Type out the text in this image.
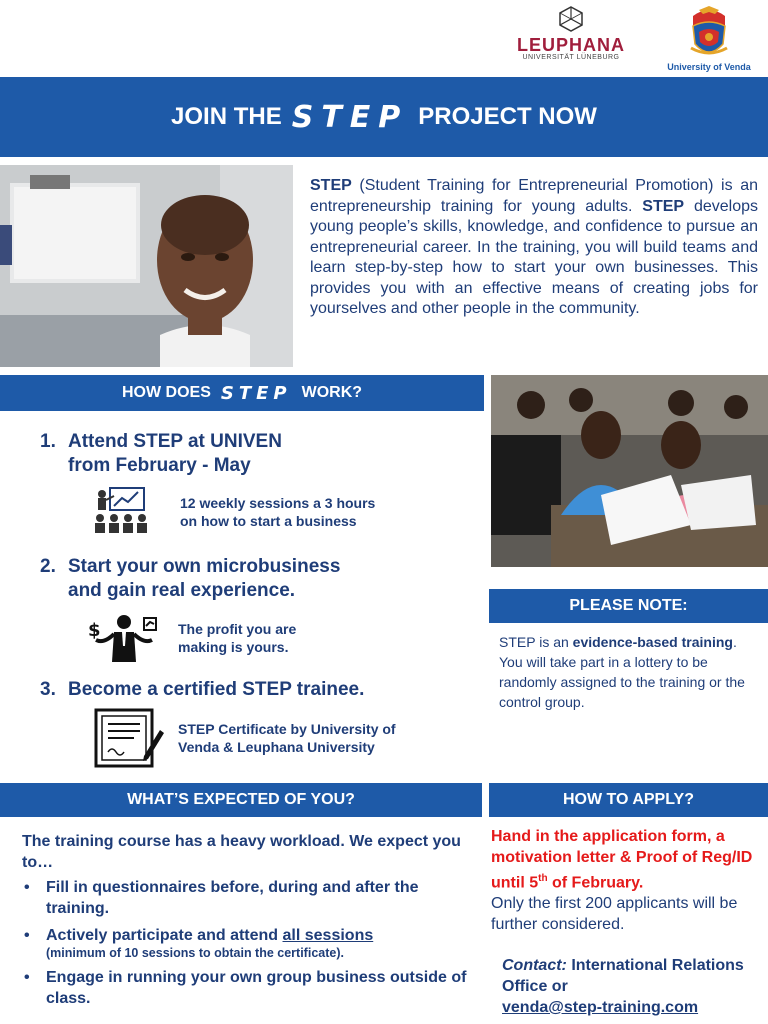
LEUPHANA
UNIVERSITÄT LÜNEBURG
University of Venda
JOIN THE STEP PROJECT NOW
STEP (Student Training for Entrepreneurial Promotion) is an entrepreneurship training for young adults. STEP develops young people’s skills, knowledge, and confidence to pursue an entrepreneurial career. In the training, you will build teams and learn step-by-step how to start your own businesses. This provides you with an effective means of creating jobs for yourselves and other people in the community.
HOW DOES STEP WORK?
1. Attend STEP at UNIVEN
from February - May
12 weekly sessions a 3 hours
on how to start a business
2. Start your own microbusiness
and gain real experience.
$	The profit you are
making is yours.
3. Become a certified STEP trainee.
STEP Certificate by University of
Venda & Leuphana University
PLEASE NOTE:
STEP is an evidence-based training. You will take part in a lottery to be randomly assigned to the training or the control group.
WHAT’S EXPECTED OF YOU?	HOW TO APPLY?
The training course has a heavy workload. We expect you to…
• Fill in questionnaires before, during and after the training.
• Actively participate and attend all sessions
(minimum of 10 sessions to obtain the certificate).
• Engage in running your own group business outside of class.
Hand in the application form, a motivation letter & Proof of Reg/ID until 5th of February.
Only the first 200 applicants will be further considered.
Contact: International Relations Office or
venda@step-training.com
